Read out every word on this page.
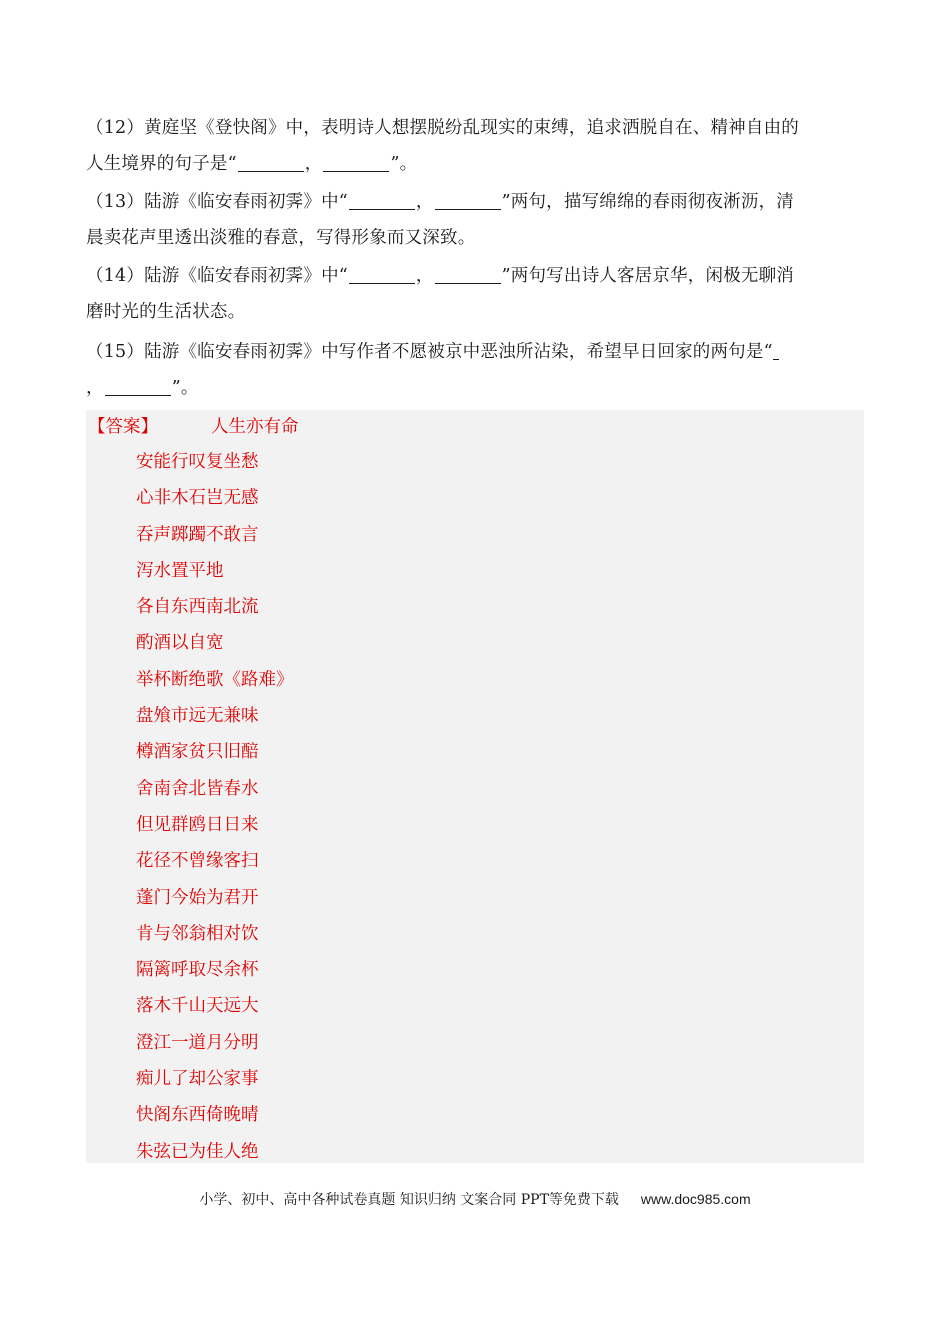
（12）黄庭坚《登快阁》中，表明诗人想摆脱纷乱现实的束缚，追求洒脱自在、精神自由的

人生境界的句子是“	，	”。

（13）陆游《临安春雨初霁》中“	，	”两句，描写绵绵的春雨彻夜淅沥，清

晨卖花声里透出淡雅的春意，写得形象而又深致。

（14）陆游《临安春雨初霁》中“	，	”两句写出诗人客居京华，闲极无聊消

磨时光的生活状态。

（15）陆游《临安春雨初霁》中写作者不愿被京中恶浊所沾染，希望早日回家的两句是“

，	”。

【答案】	人生亦有命
安能行叹复坐愁
心非木石岂无感
吞声踯躅不敢言
泻水置平地
各自东西南北流
酌酒以自宽
举杯断绝歌《路难》
盘飧市远无兼味
樽酒家贫只旧醅
舍南舍北皆春水
但见群鸥日日来
花径不曾缘客扫
蓬门今始为君开
肯与邻翁相对饮
隔篱呼取尽余杯
落木千山天远大
澄江一道月分明
痴儿了却公家事
快阁东西倚晚晴
朱弦已为佳人绝
小学、初中、高中各种试卷真题 知识归纳 文案合同 PPT等免费下载 www.doc985.com
